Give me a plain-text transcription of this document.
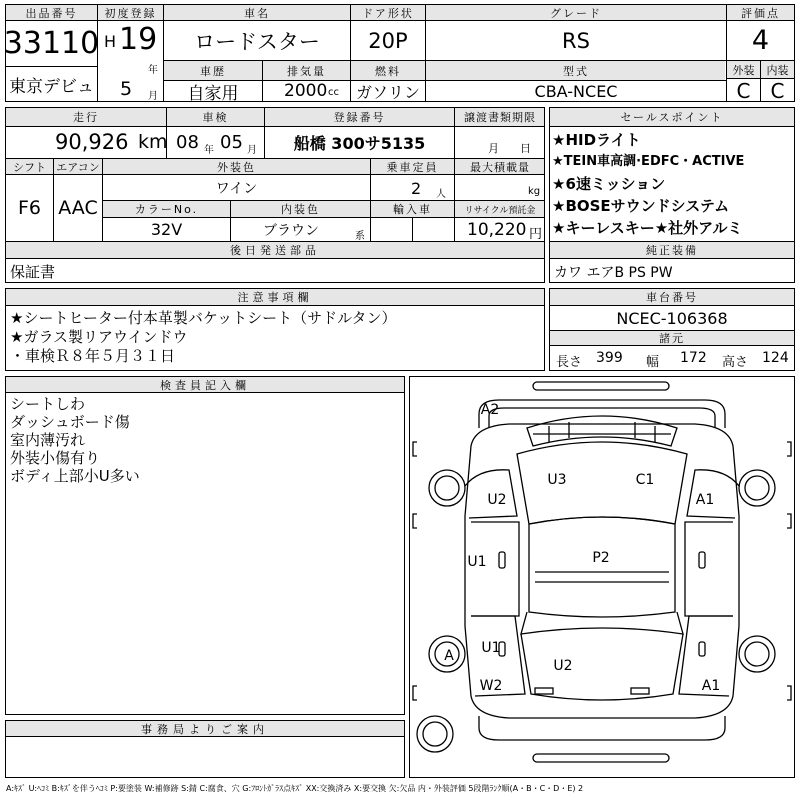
出品番号
33110
東京デビュ
初度登録
H 19
年
5 月
車名
ロードスター
車歴
自家用
排気量
2000 cc
ドア形状
20P
燃料
ガソリン
グレード
RS
型式
CBA-NCEC
評価点
4
外装	内装
C	C
走行
90,926 km
車検
08 年 05 月
登録番号
船橋 300サ5135
譲渡書類期限
月 日
シフト
F6
エアコン
AAC
外装色
ワイン
カラーNo.
32V
内装色
ブラウン	系
乗車定員
2 人
輸入車
最大積載量
kg
リサイクル預託金
10,220 円
後日発送部品
保証書
セールスポイント
★HIDライト
★TEIN車高調·EDFC・ACTIVE
★6速ミッション
★BOSEサウンドシステム
★キーレスキー★社外アルミ
純正装備
カワ エアB PS PW
注意事項欄
★シートヒーター付本革製バケットシート（サドルタン）
★ガラス製リアウインドウ
・車検Ｒ８年５月３１日
車台番号
NCEC-106368
諸元
長さ 399 幅 172 高さ 124
検査員記入欄
シートしわ
ダッシュボード傷
室内薄汚れ
外装小傷有り
ボディ上部小U多い
事務局よりご案内
A2
U3	C1
U2	A1
U1	P2
U1
A
U2
W2	A1
A:ｷｽﾞ U:ﾍｺﾐ B:ｷｽﾞを伴うﾍｺﾐ P:要塗装 W:補修跡 S:錆 C:腐食、穴 G:ﾌﾛﾝﾄｶﾞﾗｽ点ｷｽﾞ XX:交換済み X:要交換 欠:欠品 内・外装評価 5段階ﾗﾝｸ順(A・B・C・D・E) 2
